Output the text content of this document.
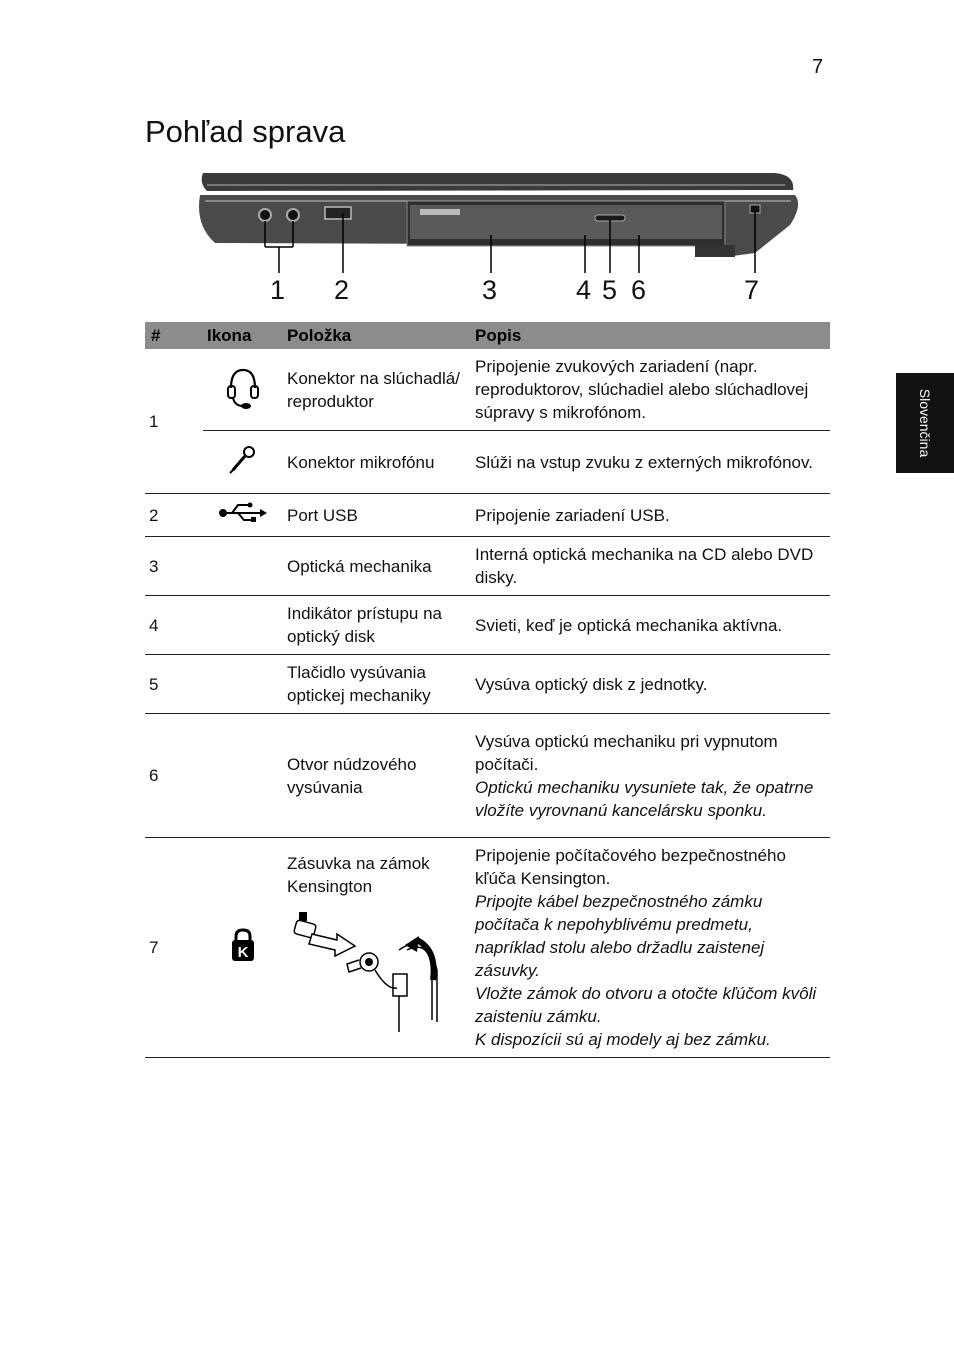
7
Pohľad sprava
Slovenčina
1 2	3	4 5 6	7
#	Ikona	Položka	Popis
1		Konektor na slúchadlá/ reproduktor	Pripojenie zvukových zariadení (napr. reproduktorov, slúchadiel alebo slúchadlovej súpravy s mikrofónom.

	Konektor mikrofónu	Slúži na vstup zvuku z externých mikrofónov.

2		Port USB	Pripojenie zariadení USB.

3		Optická mechanika	Interná optická mechanika na CD alebo DVD disky.

4		Indikátor prístupu na optický disk	Svieti, keď je optická mechanika aktívna.

5		Tlačidlo vysúvania optickej mechaniky	Vysúva optický disk z jednotky.

6		Otvor núdzového vysúvania	Vysúva optickú mechaniku pri vypnutom počítači.
Optickú mechaniku vysuniete tak, že opatrne vložíte vyrovnanú kancelársku sponku.

7	K	Zásuvka na zámok Kensington	Pripojenie počítačového bezpečnostného kľúča Kensington.
Pripojte kábel bezpečnostného zámku počítača k nepohyblivému predmetu, napríklad stolu alebo držadlu zaistenej zásuvky.
Vložte zámok do otvoru a otočte kľúčom kvôli zaisteniu zámku.
K dispozícii sú aj modely aj bez zámku.
